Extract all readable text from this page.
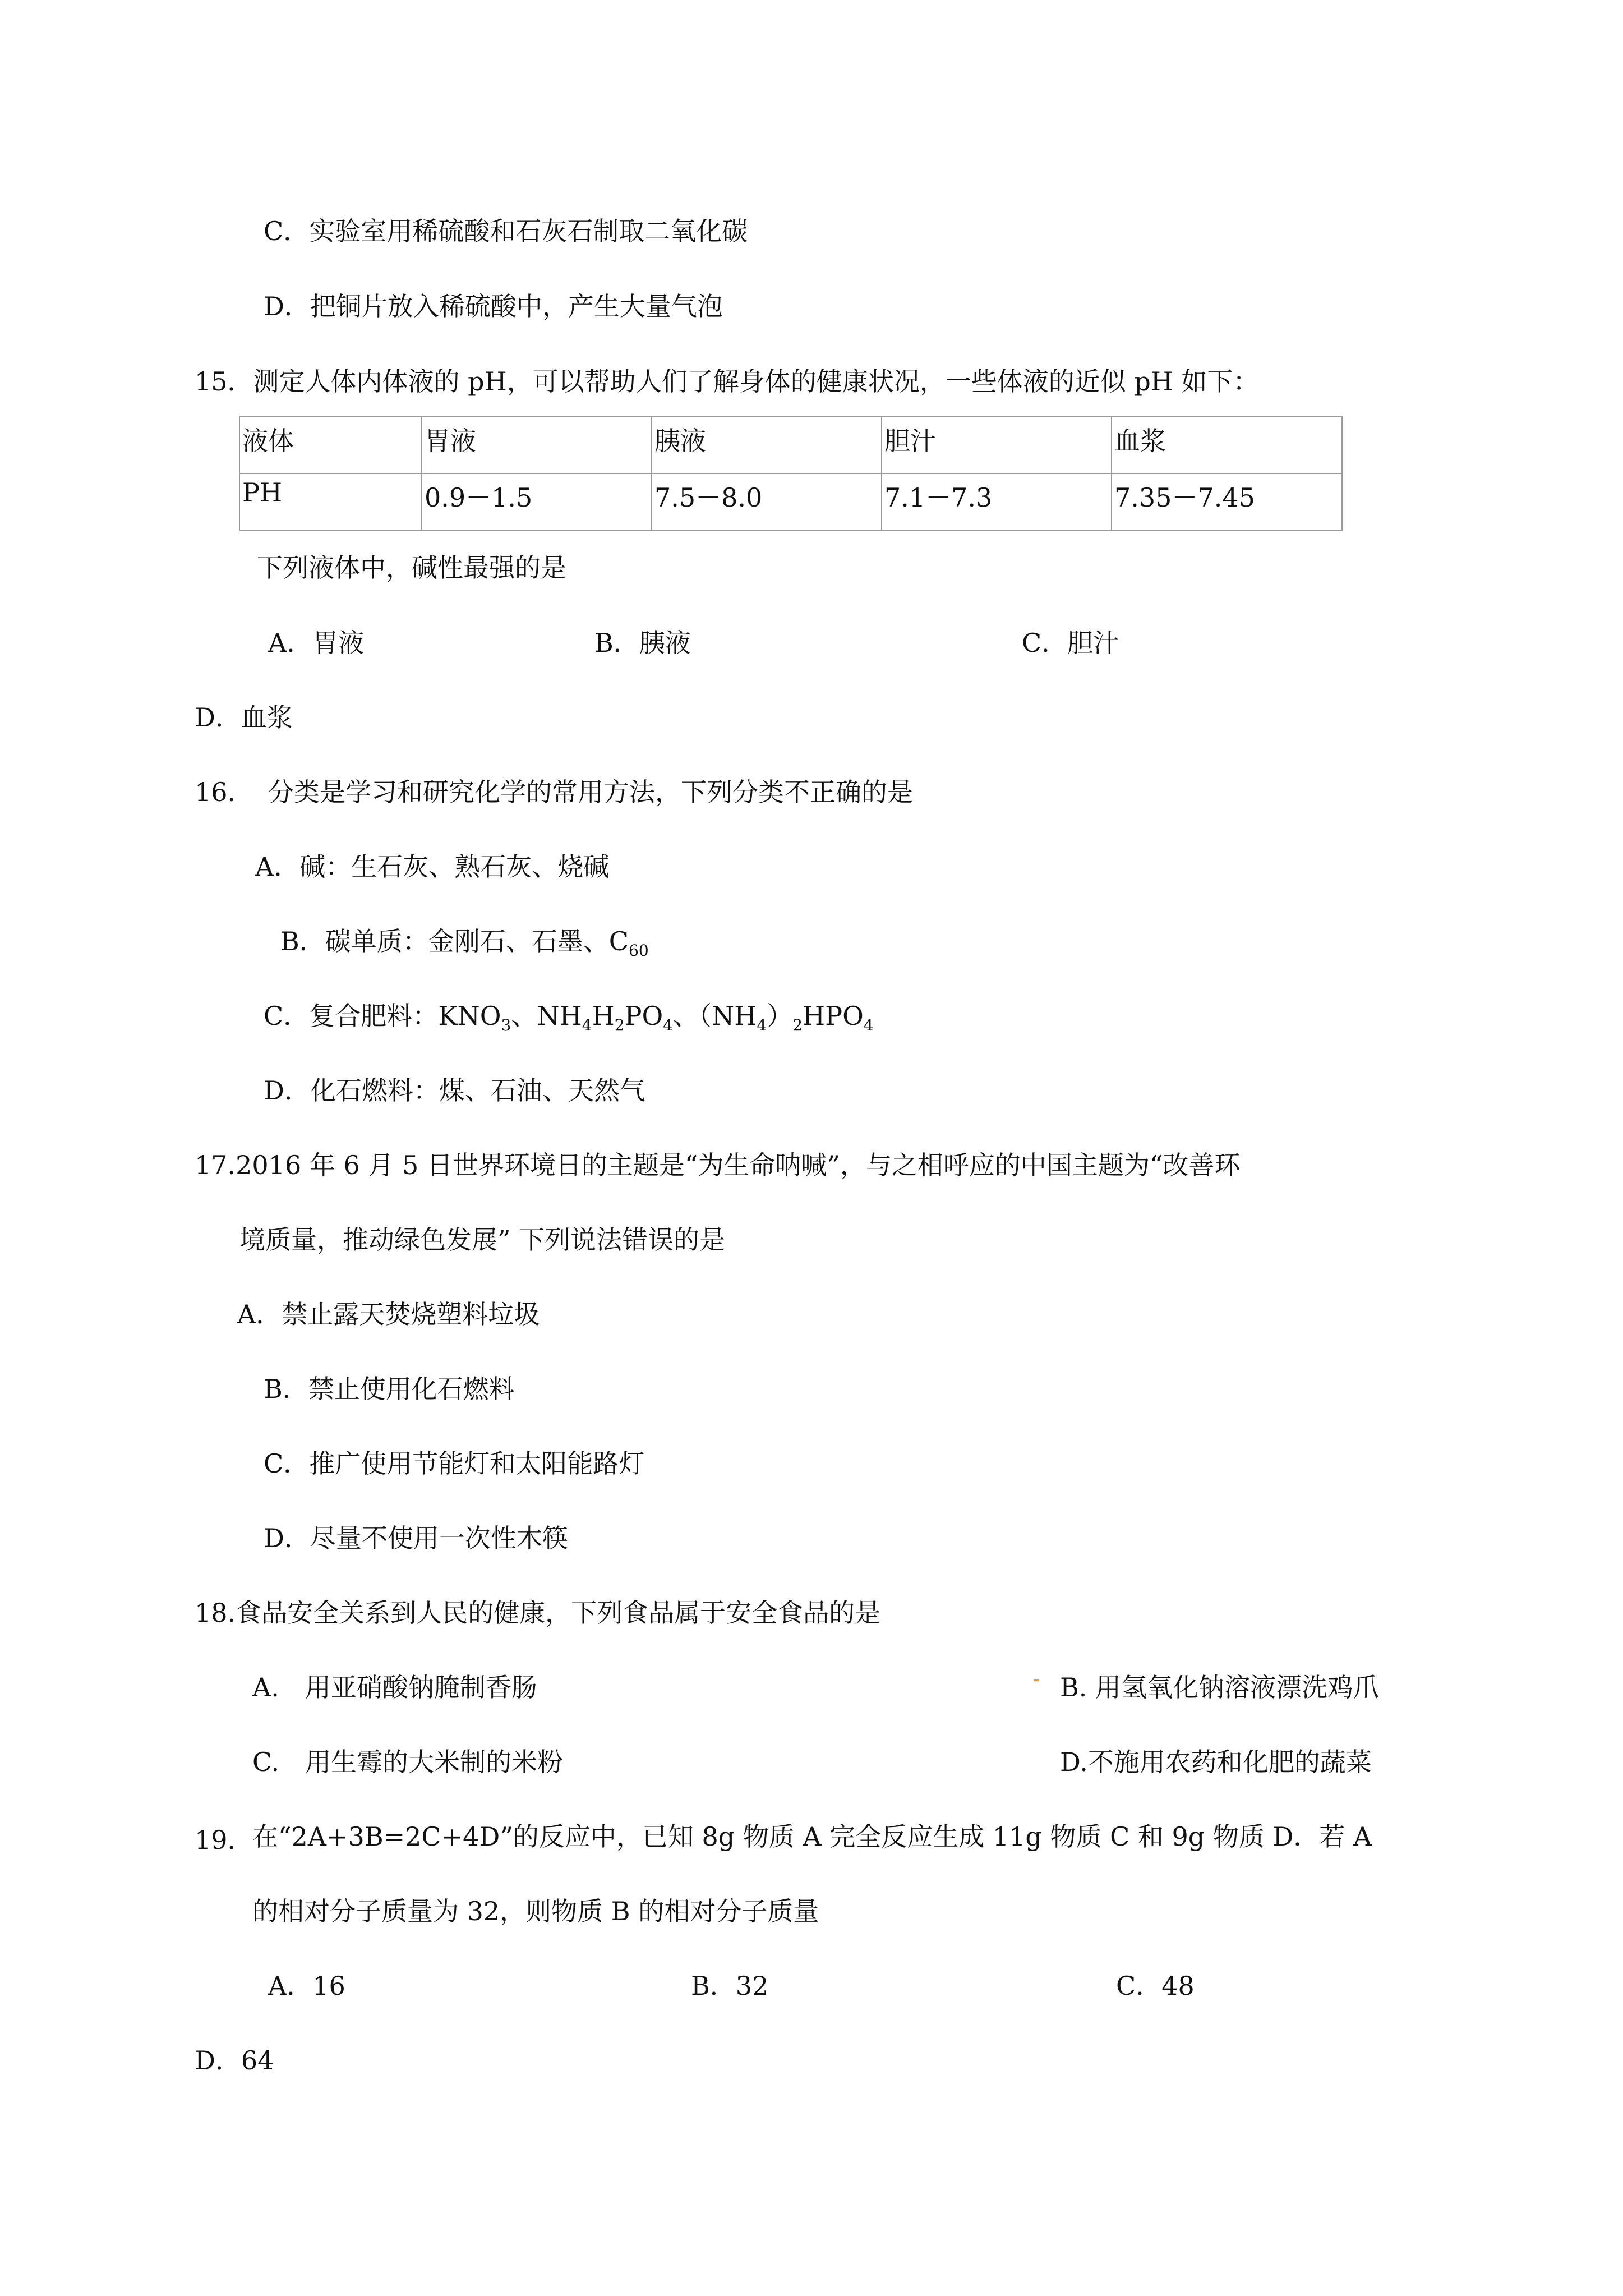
C．实验室用稀硫酸和石灰石制取二氧化碳
D．把铜片放入稀硫酸中，产生大量气泡
15．测定人体内体液的 pH，可以帮助人们了解身体的健康状况，一些体液的近似 pH 如下：
液体	胃液	胰液	胆汁	血浆
PH	0.9－1.5	7.5－8.0	7.1－7.3	7.35－7.45
下列液体中，碱性最强的是
A．胃液	B．胰液	C．胆汁
D．血浆
16. 分类是学习和研究化学的常用方法，下列分类不正确的是
A．碱：生石灰、熟石灰、烧碱
B．碳单质：金刚石、石墨、$C_{60}$
C．复合肥料：$KNO_3$、$NH_4H_2PO_4$、$(NH_4)_2HPO_4$
D．化石燃料：煤、石油、天然气
17.2016 年 6 月 5 日世界环境日的主题是“为生命呐喊”，与之相呼应的中国主题为“改善环
境质量，推动绿色发展” 下列说法错误的是
A．禁止露天焚烧塑料垃圾
B．禁止使用化石燃料
C．推广使用节能灯和太阳能路灯
D．尽量不使用一次性木筷
18.食品安全关系到人民的健康，下列食品属于安全食品的是
A.　用亚硝酸钠腌制香肠	B. 用氢氧化钠溶液漂洗鸡爪
C.　用生霉的大米制的米粉	D.不施用农药和化肥的蔬菜
19. 在“2A+3B=2C+4D”的反应中，已知 8g 物质 A 完全反应生成 11g 物质 C 和 9g 物质 D．若 A
的相对分子质量为 32，则物质 B 的相对分子质量
A．16	B．32	C．48
D．64
